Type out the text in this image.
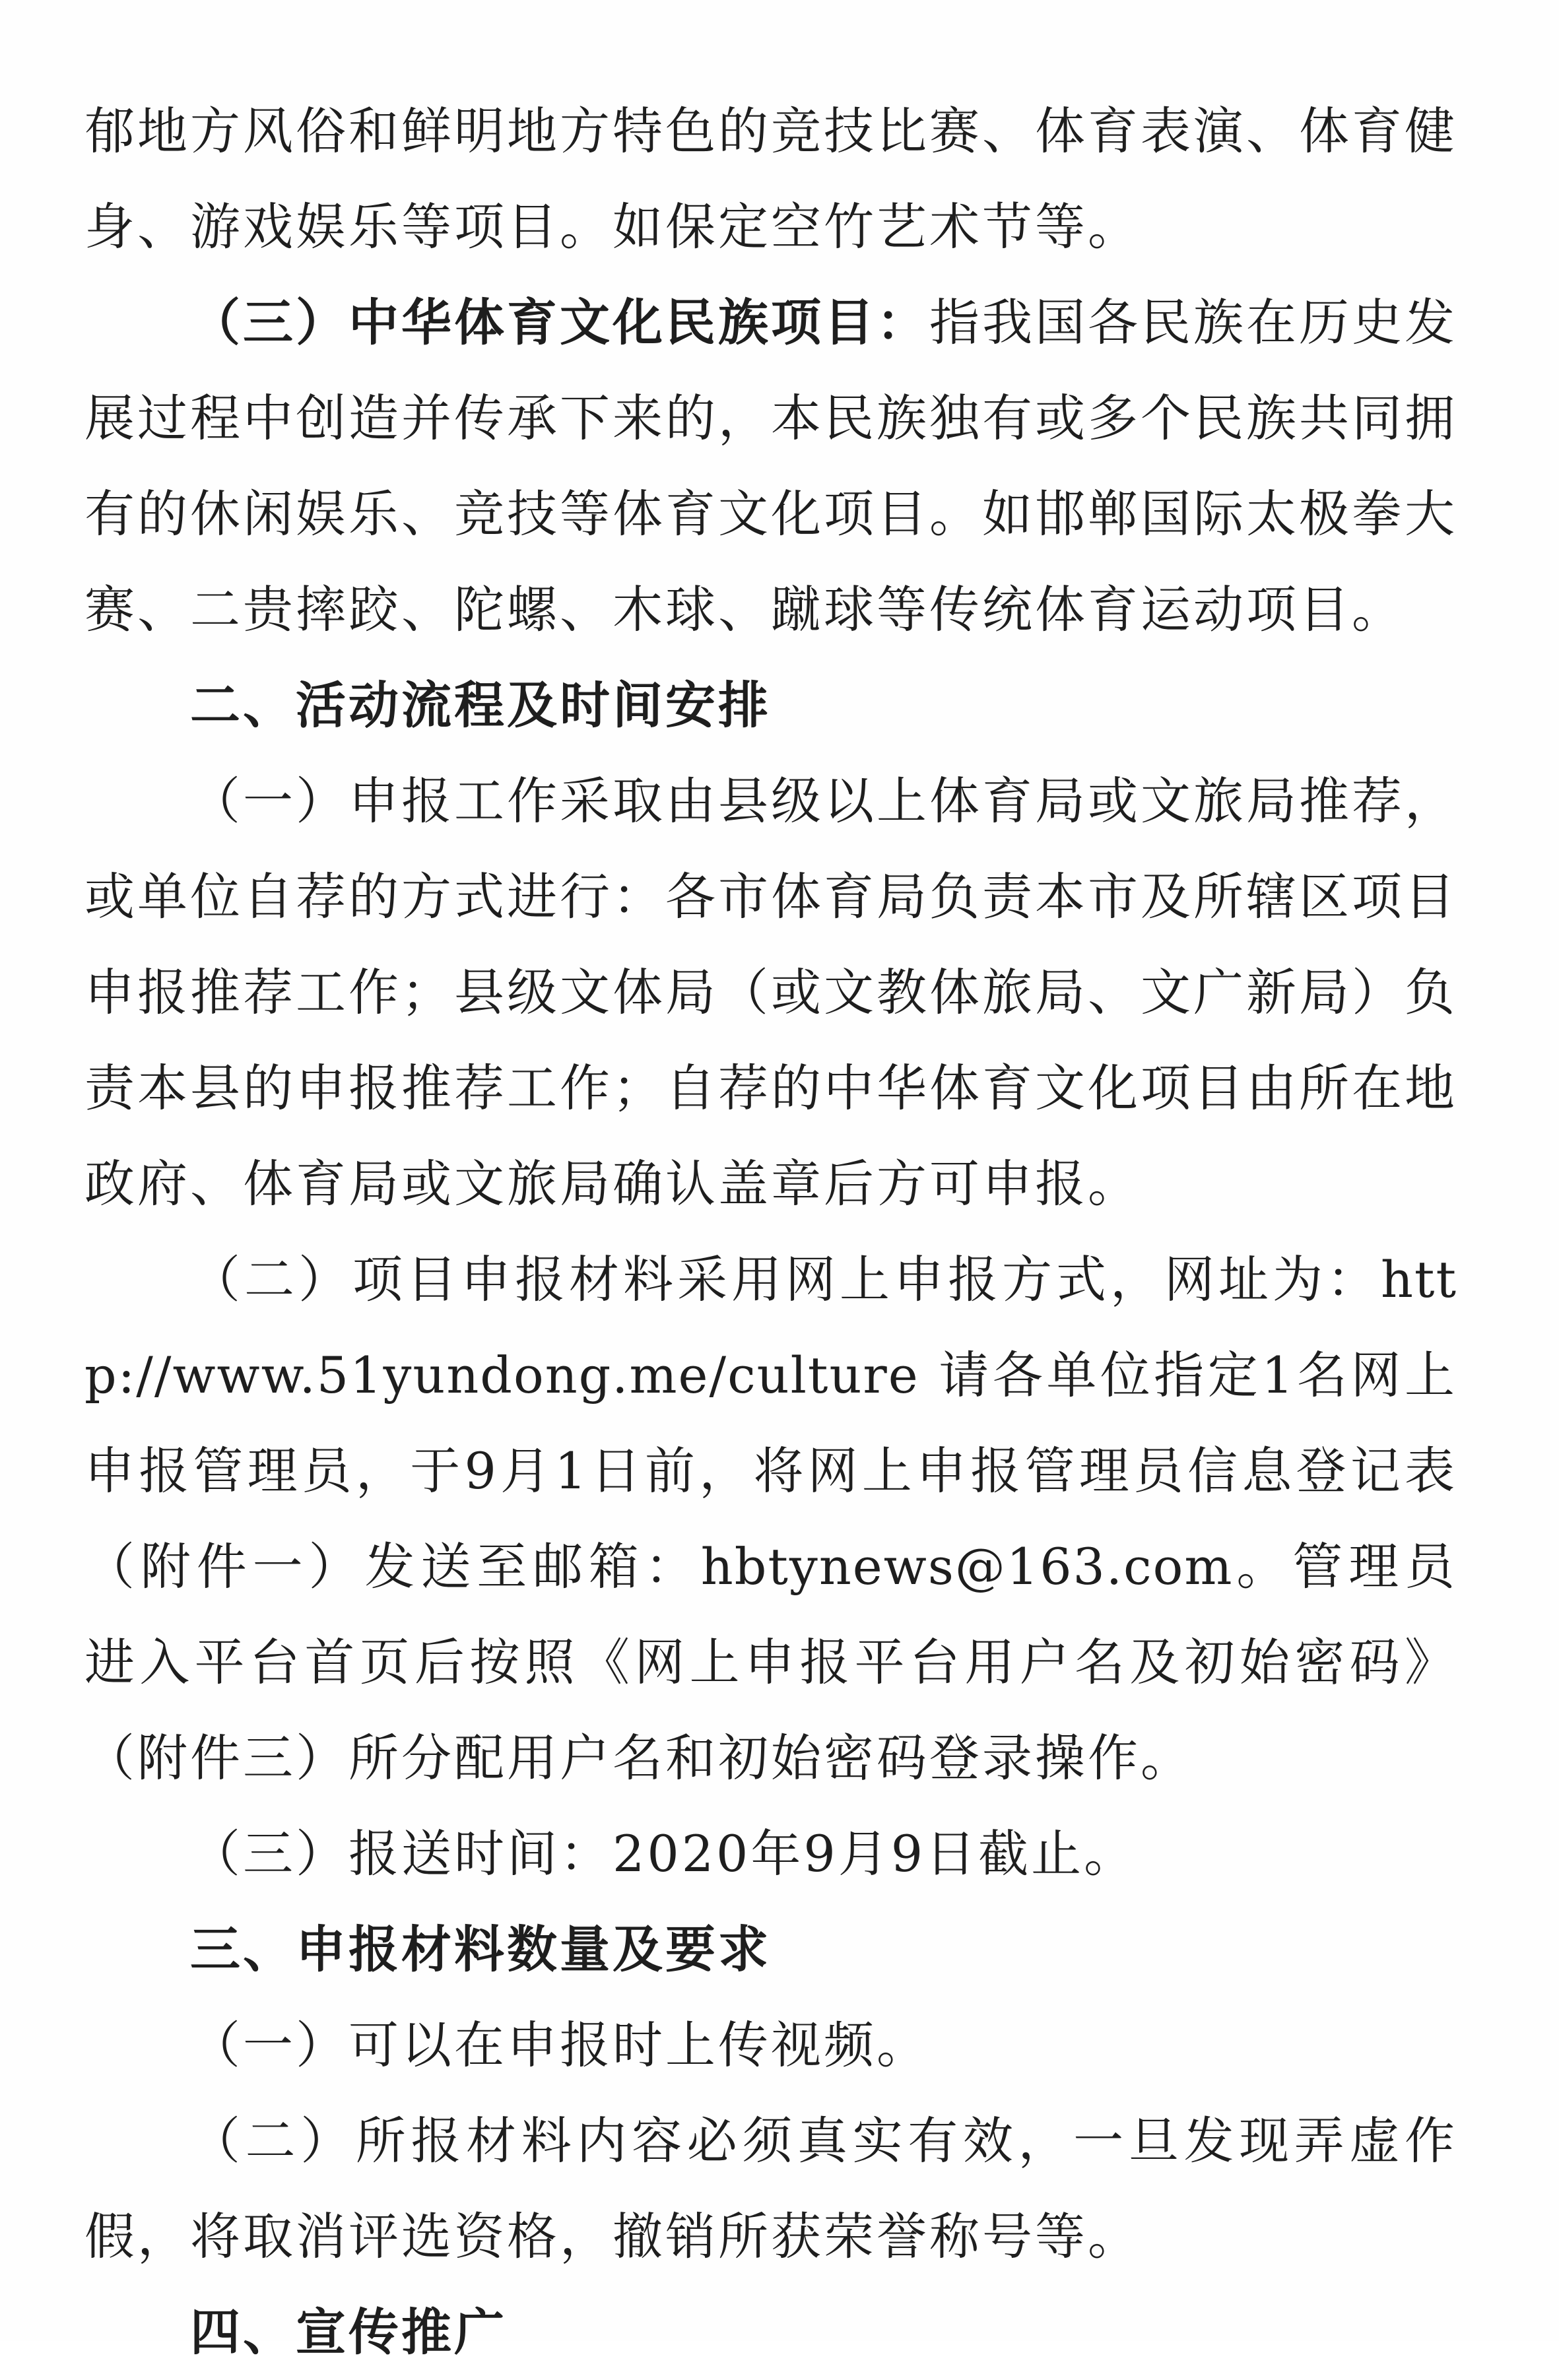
郁地方风俗和鲜明地方特色的竞技比赛、体育表演、体育健身、游戏娱乐等项目。如保定空竹艺术节等。

（三）中华体育文化民族项目：指我国各民族在历史发展过程中创造并传承下来的，本民族独有或多个民族共同拥有的休闲娱乐、竞技等体育文化项目。如邯郸国际太极拳大赛、二贵摔跤、陀螺、木球、蹴球等传统体育运动项目。

二、活动流程及时间安排

（一）申报工作采取由县级以上体育局或文旅局推荐，或单位自荐的方式进行：各市体育局负责本市及所辖区项目申报推荐工作；县级文体局（或文教体旅局、文广新局）负责本县的申报推荐工作；自荐的中华体育文化项目由所在地政府、体育局或文旅局确认盖章后方可申报。

（二）项目申报材料采用网上申报方式，网址为：http://www.51yundong.me/culture 请各单位指定1名网上申报管理员，于9月1日前，将网上申报管理员信息登记表（附件一）发送至邮箱：hbtynews@163.com。管理员进入平台首页后按照《网上申报平台用户名及初始密码》（附件三）所分配用户名和初始密码登录操作。

（三）报送时间：2020年9月9日截止。

三、申报材料数量及要求

（一）可以在申报时上传视频。

（二）所报材料内容必须真实有效，一旦发现弄虚作假，将取消评选资格，撤销所获荣誉称号等。

四、宣传推广
